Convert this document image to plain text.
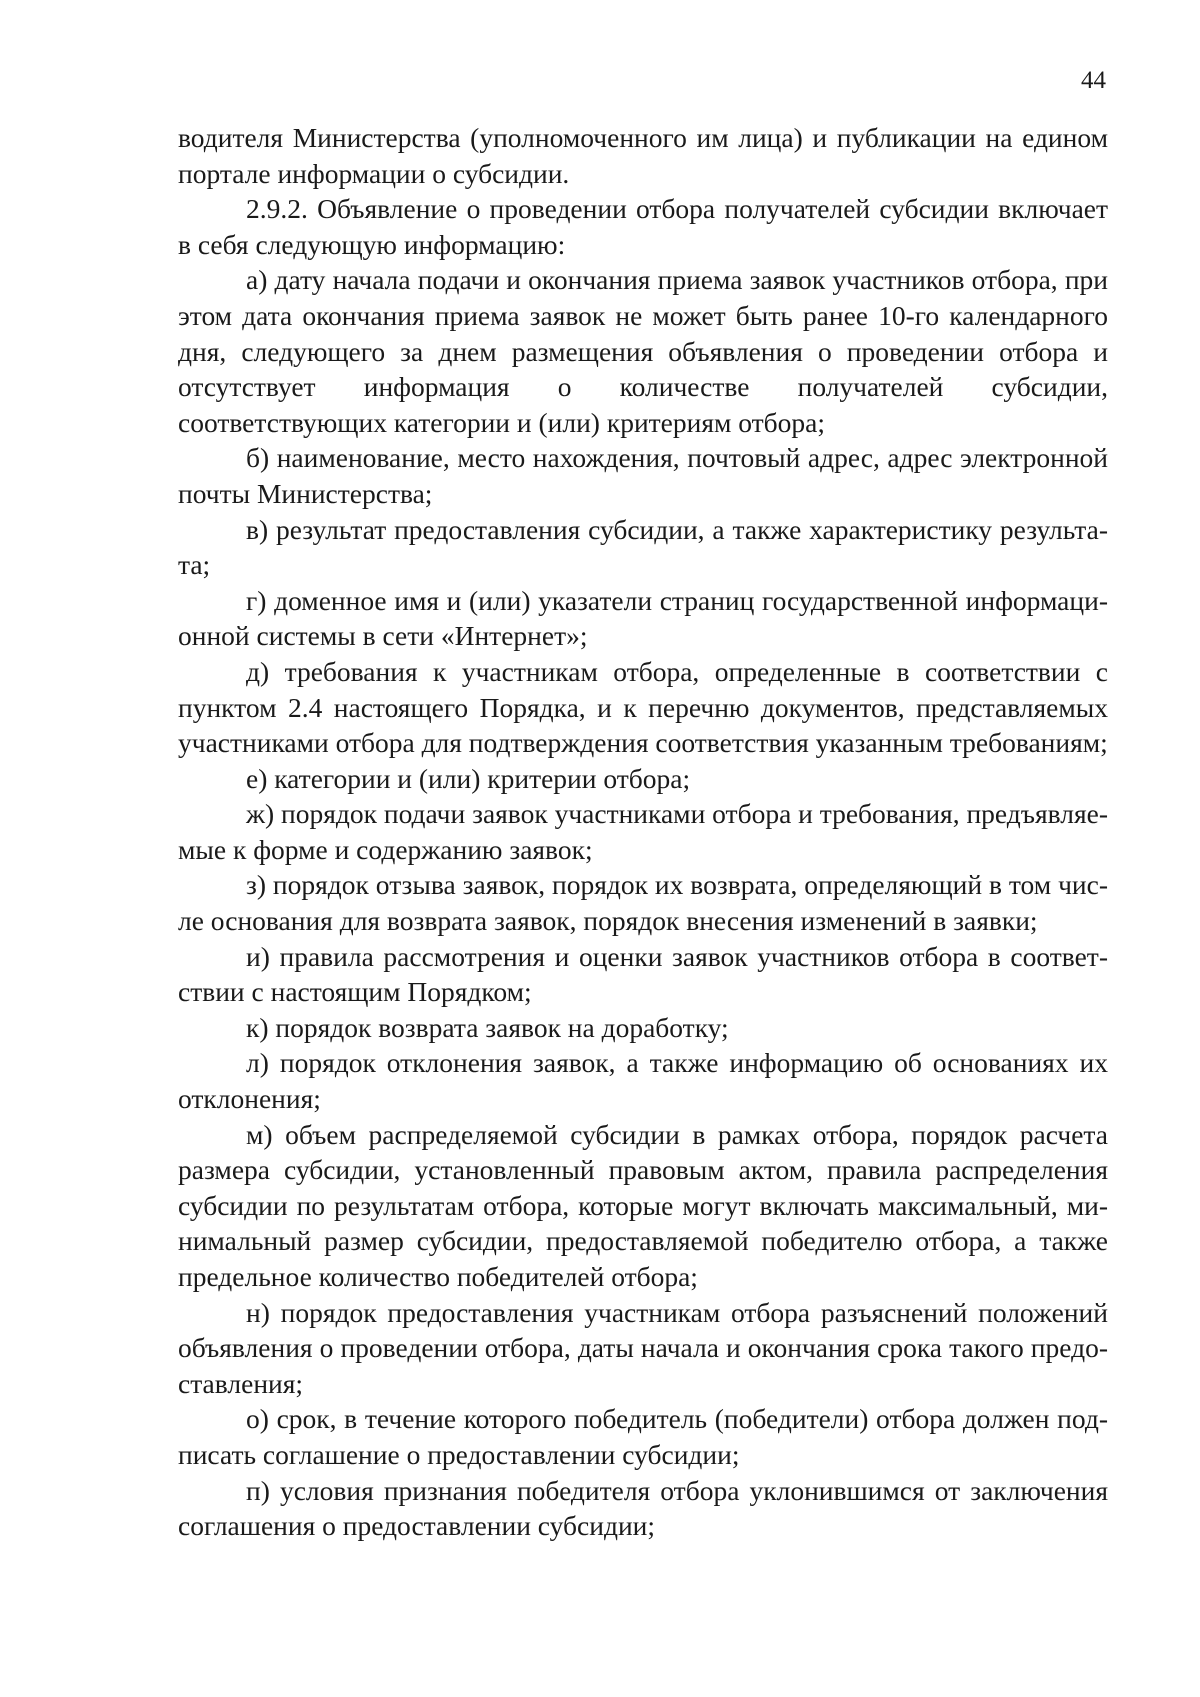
44

водителя Министерства (уполномоченного им лица) и публикации на едином портале информации о субсидии.

2.9.2. Объявление о проведении отбора получателей субсидии включает в себя следующую информацию:

а) дату начала подачи и окончания приема заявок участников отбора, при этом дата окончания приема заявок не может быть ранее 10-го календарного дня, следующего за днем размещения объявления о проведении отбора и отсутствует информация о количестве получателей субсидии, соответствующих категории и (или) критериям отбора;

б) наименование, место нахождения, почтовый адрес, адрес электронной почты Министерства;

в) результат предоставления субсидии, а также характеристику результата;

г) доменное имя и (или) указатели страниц государственной информационной системы в сети «Интернет»;

д) требования к участникам отбора, определенные в соответствии с пунктом 2.4 настоящего Порядка, и к перечню документов, представляемых участниками отбора для подтверждения соответствия указанным требованиям;

е) категории и (или) критерии отбора;

ж) порядок подачи заявок участниками отбора и требования, предъявляемые к форме и содержанию заявок;

з) порядок отзыва заявок, порядок их возврата, определяющий в том числе основания для возврата заявок, порядок внесения изменений в заявки;

и) правила рассмотрения и оценки заявок участников отбора в соответствии с настоящим Порядком;

к) порядок возврата заявок на доработку;

л) порядок отклонения заявок, а также информацию об основаниях их отклонения;

м) объем распределяемой субсидии в рамках отбора, порядок расчета размера субсидии, установленный правовым актом, правила распределения субсидии по результатам отбора, которые могут включать максимальный, минимальный размер субсидии, предоставляемой победителю отбора, а также предельное количество победителей отбора;

н) порядок предоставления участникам отбора разъяснений положений объявления о проведении отбора, даты начала и окончания срока такого предоставления;

о) срок, в течение которого победитель (победители) отбора должен подписать соглашение о предоставлении субсидии;

п) условия признания победителя отбора уклонившимся от заключения соглашения о предоставлении субсидии;
